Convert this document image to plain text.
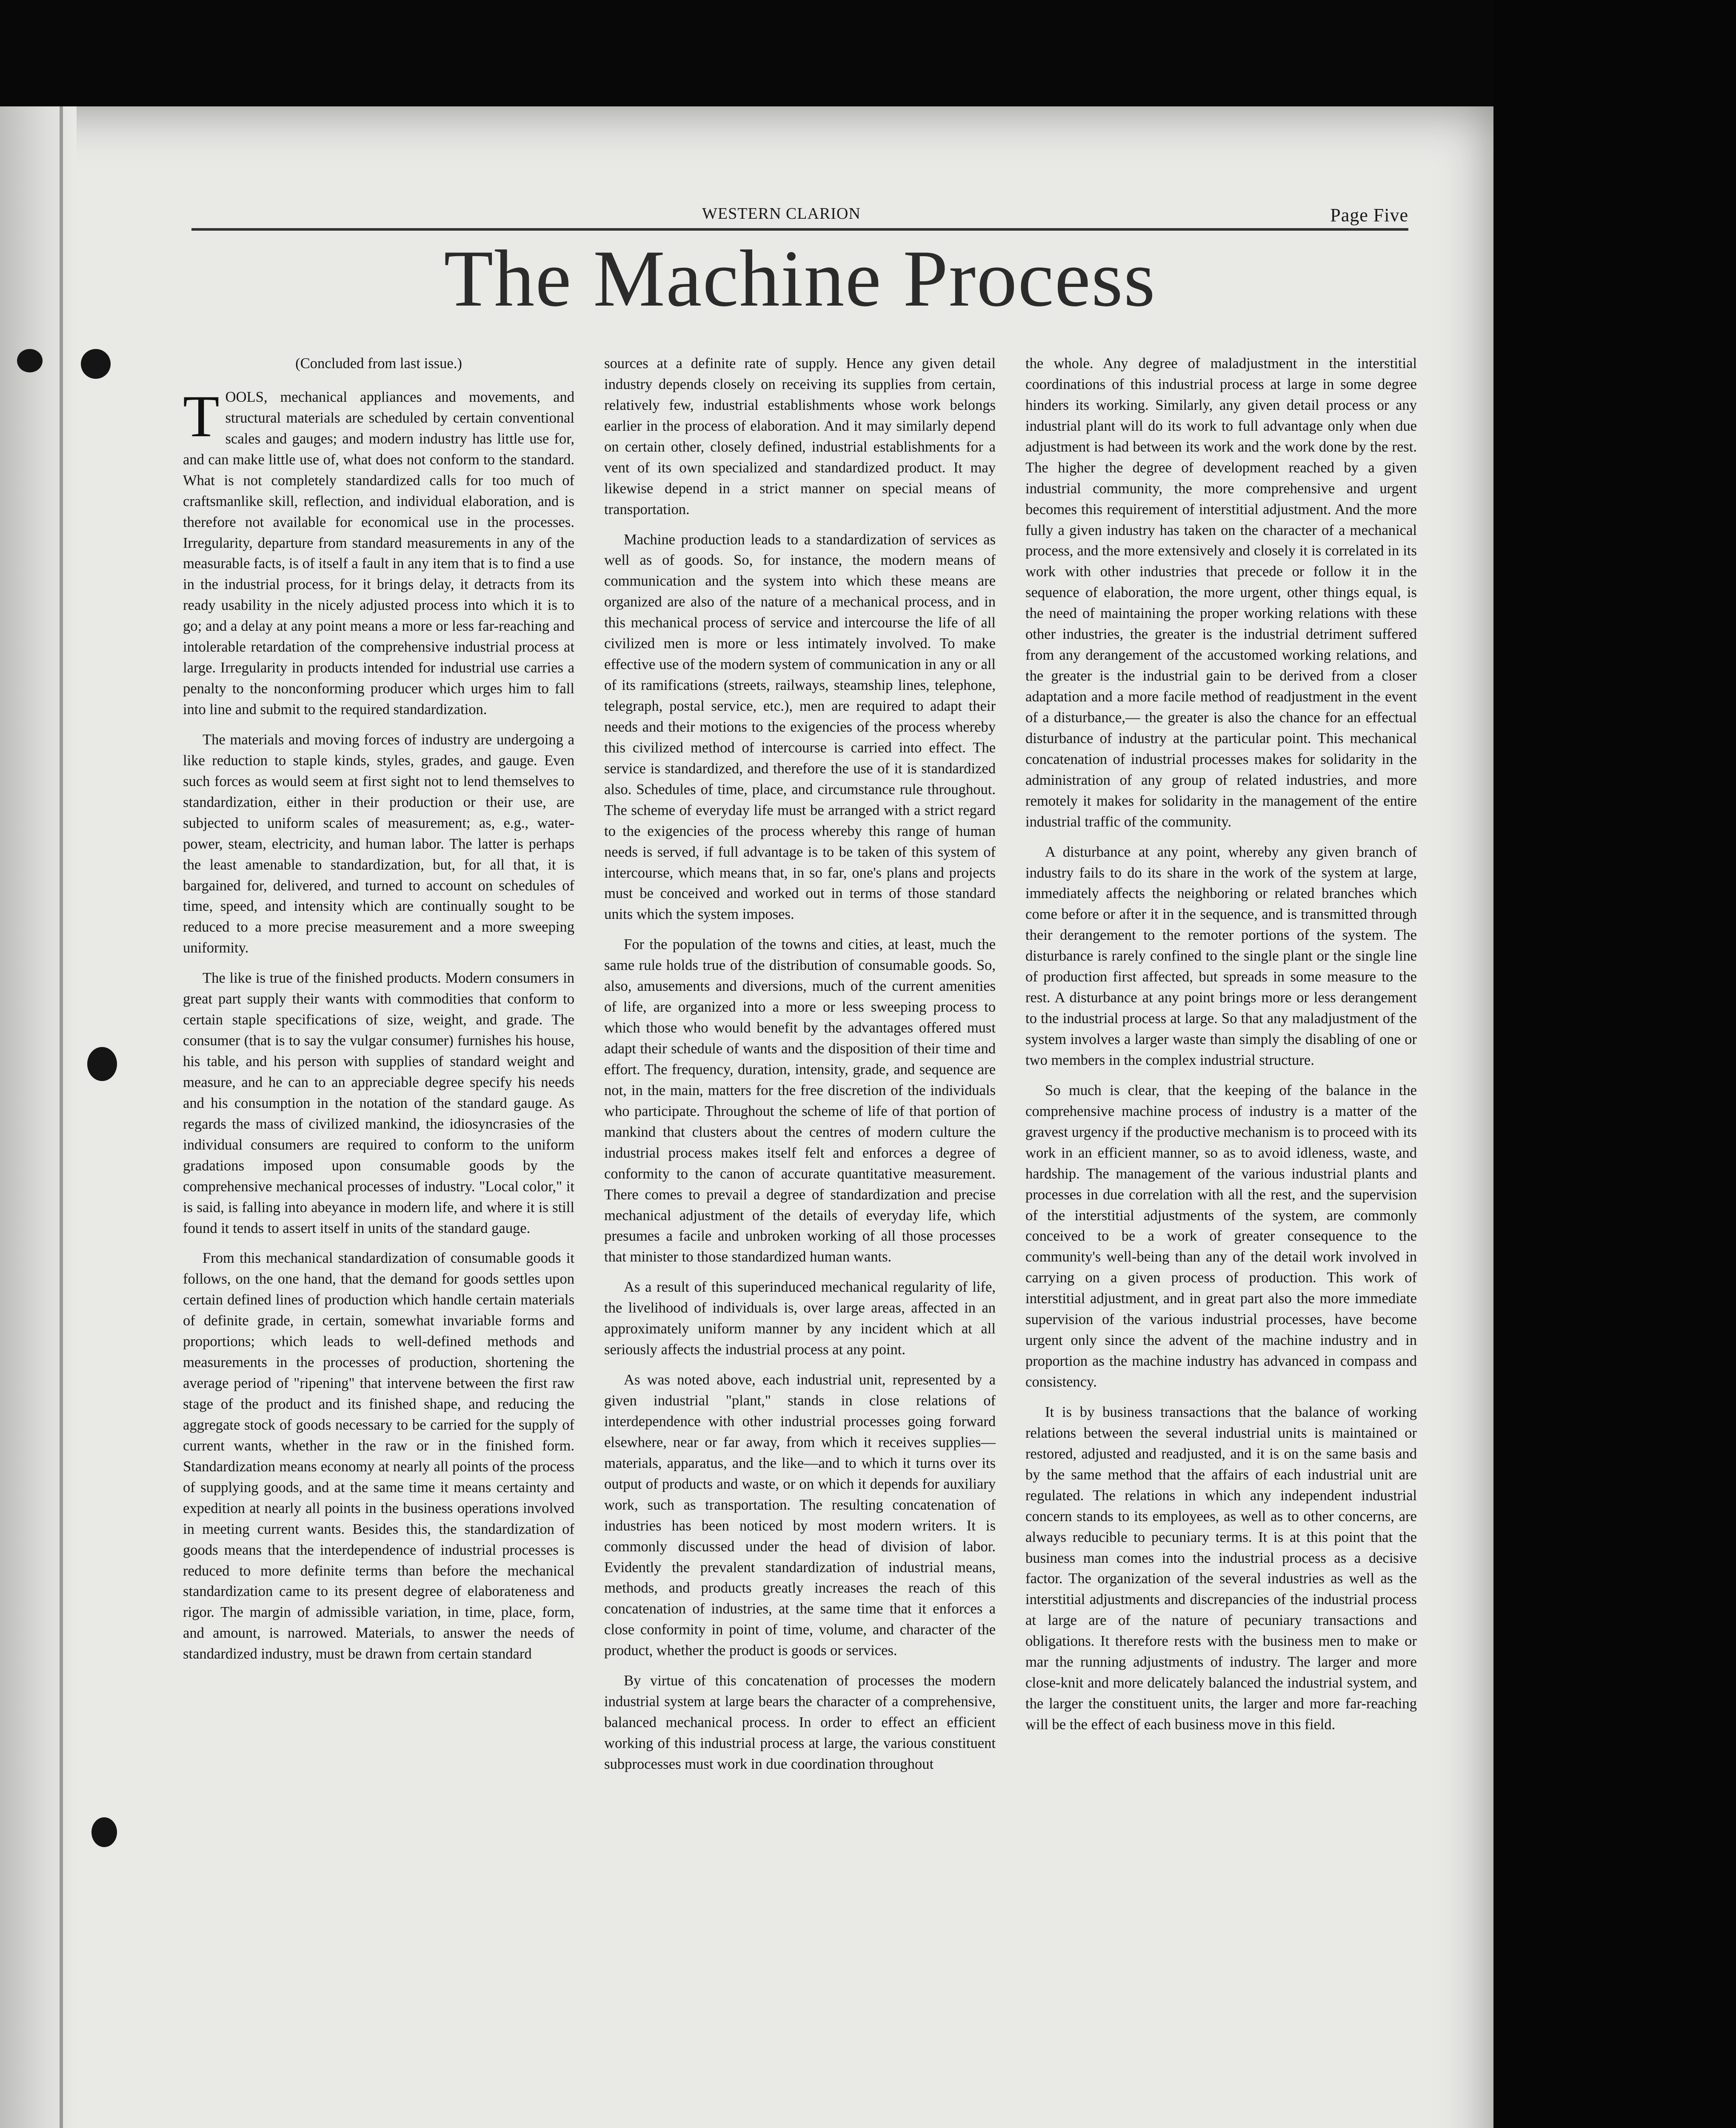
WESTERN CLARION	Page Five
The Machine Process

(Concluded from last issue.)

TOOLS, mechanical appliances and movements, and structural materials are scheduled by certain conventional scales and gauges; and modern industry has little use for, and can make little use of, what does not conform to the standard. What is not completely standardized calls for too much of craftsmanlike skill, reflection, and individual elaboration, and is therefore not available for economical use in the processes. Irregularity, departure from standard measurements in any of the measurable facts, is of itself a fault in any item that is to find a use in the industrial process, for it brings delay, it detracts from its ready usability in the nicely adjusted process into which it is to go; and a delay at any point means a more or less far-reaching and intolerable retardation of the comprehensive industrial process at large. Irregularity in products intended for industrial use carries a penalty to the nonconforming producer which urges him to fall into line and submit to the required standardization.

The materials and moving forces of industry are undergoing a like reduction to staple kinds, styles, grades, and gauge. Even such forces as would seem at first sight not to lend themselves to standardization, either in their production or their use, are subjected to uniform scales of measurement; as, e.g., water-power, steam, electricity, and human labor. The latter is perhaps the least amenable to standardization, but, for all that, it is bargained for, delivered, and turned to account on schedules of time, speed, and intensity which are continually sought to be reduced to a more precise measurement and a more sweeping uniformity.

The like is true of the finished products. Modern consumers in great part supply their wants with commodities that conform to certain staple specifications of size, weight, and grade. The consumer (that is to say the vulgar consumer) furnishes his house, his table, and his person with supplies of standard weight and measure, and he can to an appreciable degree specify his needs and his consumption in the notation of the standard gauge. As regards the mass of civilized mankind, the idiosyncrasies of the individual consumers are required to conform to the uniform gradations imposed upon consumable goods by the comprehensive mechanical processes of industry. "Local color," it is said, is falling into abeyance in modern life, and where it is still found it tends to assert itself in units of the standard gauge.

From this mechanical standardization of consumable goods it follows, on the one hand, that the demand for goods settles upon certain defined lines of production which handle certain materials of definite grade, in certain, somewhat invariable forms and proportions; which leads to well-defined methods and measurements in the processes of production, shortening the average period of "ripening" that intervene between the first raw stage of the product and its finished shape, and reducing the aggregate stock of goods necessary to be carried for the supply of current wants, whether in the raw or in the finished form. Standardization means economy at nearly all points of the process of supplying goods, and at the same time it means certainty and expedition at nearly all points in the business operations involved in meeting current wants. Besides this, the standardization of goods means that the interdependence of industrial processes is reduced to more definite terms than before the mechanical standardization came to its present degree of elaborateness and rigor. The margin of admissible variation, in time, place, form, and amount, is narrowed. Materials, to answer the needs of standardized industry, must be drawn from certain standard

sources at a definite rate of supply. Hence any given detail industry depends closely on receiving its supplies from certain, relatively few, industrial establishments whose work belongs earlier in the process of elaboration. And it may similarly depend on certain other, closely defined, industrial establishments for a vent of its own specialized and standardized product. It may likewise depend in a strict manner on special means of transportation.

Machine production leads to a standardization of services as well as of goods. So, for instance, the modern means of communication and the system into which these means are organized are also of the nature of a mechanical process, and in this mechanical process of service and intercourse the life of all civilized men is more or less intimately involved. To make effective use of the modern system of communication in any or all of its ramifications (streets, railways, steamship lines, telephone, telegraph, postal service, etc.), men are required to adapt their needs and their motions to the exigencies of the process whereby this civilized method of intercourse is carried into effect. The service is standardized, and therefore the use of it is standardized also. Schedules of time, place, and circumstance rule throughout. The scheme of everyday life must be arranged with a strict regard to the exigencies of the process whereby this range of human needs is served, if full advantage is to be taken of this system of intercourse, which means that, in so far, one's plans and projects must be conceived and worked out in terms of those standard units which the system imposes.

For the population of the towns and cities, at least, much the same rule holds true of the distribution of consumable goods. So, also, amusements and diversions, much of the current amenities of life, are organized into a more or less sweeping process to which those who would benefit by the advantages offered must adapt their schedule of wants and the disposition of their time and effort. The frequency, duration, intensity, grade, and sequence are not, in the main, matters for the free discretion of the individuals who participate. Throughout the scheme of life of that portion of mankind that clusters about the centres of modern culture the industrial process makes itself felt and enforces a degree of conformity to the canon of accurate quantitative measurement. There comes to prevail a degree of standardization and precise mechanical adjustment of the details of everyday life, which presumes a facile and unbroken working of all those processes that minister to those standardized human wants.

As a result of this superinduced mechanical regularity of life, the livelihood of individuals is, over large areas, affected in an approximately uniform manner by any incident which at all seriously affects the industrial process at any point.

As was noted above, each industrial unit, represented by a given industrial "plant," stands in close relations of interdependence with other industrial processes going forward elsewhere, near or far away, from which it receives supplies—materials, apparatus, and the like—and to which it turns over its output of products and waste, or on which it depends for auxiliary work, such as transportation. The resulting concatenation of industries has been noticed by most modern writers. It is commonly discussed under the head of division of labor. Evidently the prevalent standardization of industrial means, methods, and products greatly increases the reach of this concatenation of industries, at the same time that it enforces a close conformity in point of time, volume, and character of the product, whether the product is goods or services.

By virtue of this concatenation of processes the modern industrial system at large bears the character of a comprehensive, balanced mechanical process. In order to effect an efficient working of this industrial process at large, the various constituent subprocesses must work in due coordination throughout

the whole. Any degree of maladjustment in the interstitial coordinations of this industrial process at large in some degree hinders its working. Similarly, any given detail process or any industrial plant will do its work to full advantage only when due adjustment is had between its work and the work done by the rest. The higher the degree of development reached by a given industrial community, the more comprehensive and urgent becomes this requirement of interstitial adjustment. And the more fully a given industry has taken on the character of a mechanical process, and the more extensively and closely it is correlated in its work with other industries that precede or follow it in the sequence of elaboration, the more urgent, other things equal, is the need of maintaining the proper working relations with these other industries, the greater is the industrial detriment suffered from any derangement of the accustomed working relations, and the greater is the industrial gain to be derived from a closer adaptation and a more facile method of readjustment in the event of a disturbance,— the greater is also the chance for an effectual disturbance of industry at the particular point. This mechanical concatenation of industrial processes makes for solidarity in the administration of any group of related industries, and more remotely it makes for solidarity in the management of the entire industrial traffic of the community.

A disturbance at any point, whereby any given branch of industry fails to do its share in the work of the system at large, immediately affects the neighboring or related branches which come before or after it in the sequence, and is transmitted through their derangement to the remoter portions of the system. The disturbance is rarely confined to the single plant or the single line of production first affected, but spreads in some measure to the rest. A disturbance at any point brings more or less derangement to the industrial process at large. So that any maladjustment of the system involves a larger waste than simply the disabling of one or two members in the complex industrial structure.

So much is clear, that the keeping of the balance in the comprehensive machine process of industry is a matter of the gravest urgency if the productive mechanism is to proceed with its work in an efficient manner, so as to avoid idleness, waste, and hardship. The management of the various industrial plants and processes in due correlation with all the rest, and the supervision of the interstitial adjustments of the system, are commonly conceived to be a work of greater consequence to the community's well-being than any of the detail work involved in carrying on a given process of production. This work of interstitial adjustment, and in great part also the more immediate supervision of the various industrial processes, have become urgent only since the advent of the machine industry and in proportion as the machine industry has advanced in compass and consistency.

It is by business transactions that the balance of working relations between the several industrial units is maintained or restored, adjusted and readjusted, and it is on the same basis and by the same method that the affairs of each industrial unit are regulated. The relations in which any independent industrial concern stands to its employees, as well as to other concerns, are always reducible to pecuniary terms. It is at this point that the business man comes into the industrial process as a decisive factor. The organization of the several industries as well as the interstitial adjustments and discrepancies of the industrial process at large are of the nature of pecuniary transactions and obligations. It therefore rests with the business men to make or mar the running adjustments of industry. The larger and more close-knit and more delicately balanced the industrial system, and the larger the constituent units, the larger and more far-reaching will be the effect of each business move in this field.
